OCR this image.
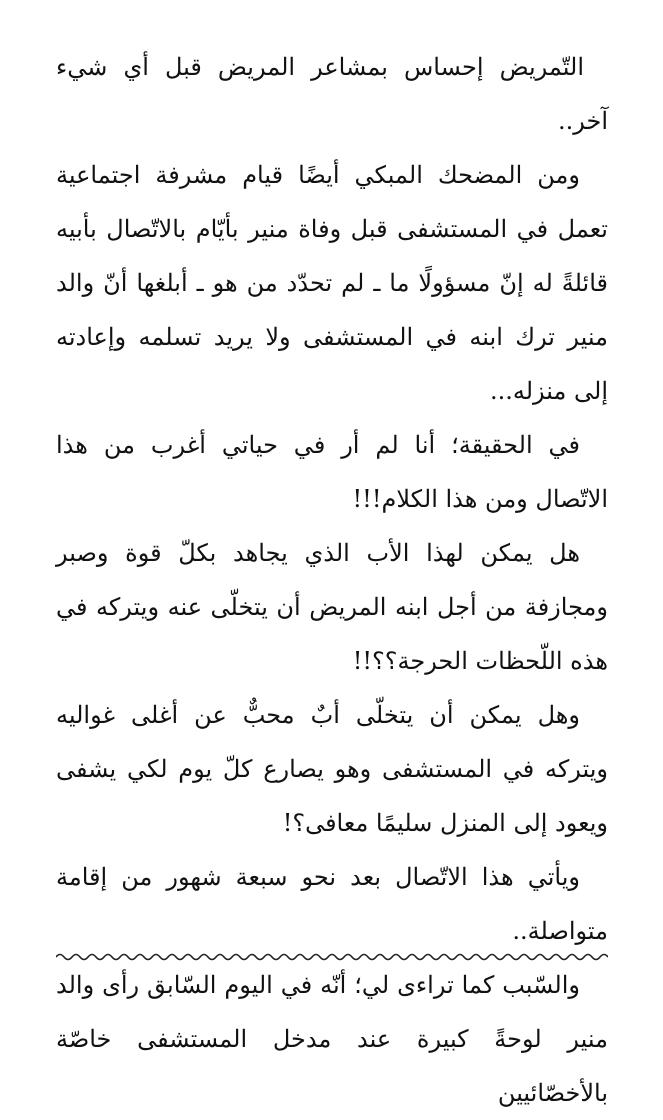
التّمريض إحساس بمشاعر المريض قبل أي شيء آخر..

ومن المضحك المبكي أيضًا قيام مشرفة اجتماعية تعمل في المستشفى قبل وفاة منير بأيّام بالاتّصال بأبيه قائلةً له إنّ مسؤولًا ما ـ لم تحدّد من هو ـ أبلغها أنّ والد منير ترك ابنه في المستشفى ولا يريد تسلمه وإعادته إلى منزله...

في الحقيقة؛ أنا لم أر في حياتي أغرب من هذا الاتّصال ومن هذا الكلام!!!

هل يمكن لهذا الأب الذي يجاهد بكلّ قوة وصبر ومجازفة من أجل ابنه المريض أن يتخلّى عنه ويتركه في هذه اللّحظات الحرجة؟؟!!

وهل يمكن أن يتخلّى أبٌ محبٌّ عن أغلى غواليه ويتركه في المستشفى وهو يصارع كلّ يوم لكي يشفى ويعود إلى المنزل سليمًا معافى؟!

ويأتي هذا الاتّصال بعد نحو سبعة شهور من إقامة متواصلة..

والسّبب كما تراءى لي؛ أنّه في اليوم السّابق رأى والد منير لوحةً كبيرة عند مدخل المستشفى خاصّة بالأخصّائيين
